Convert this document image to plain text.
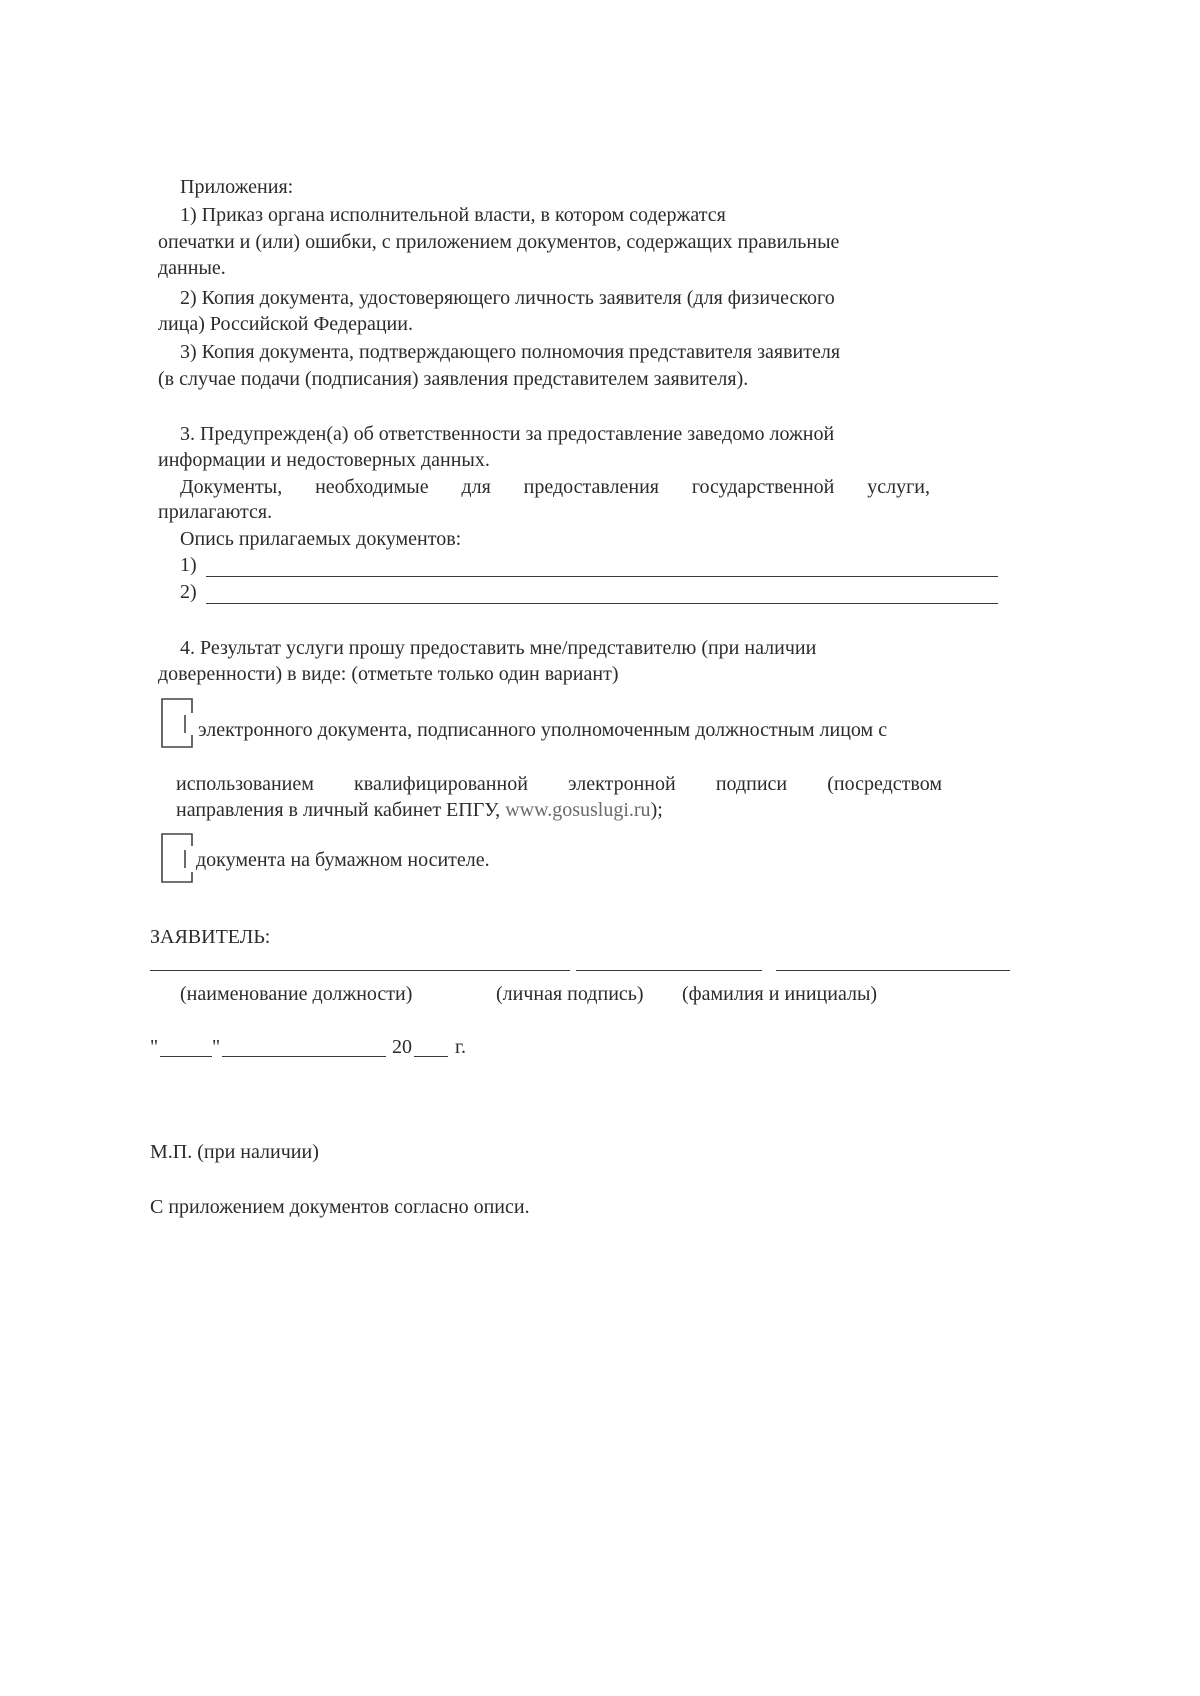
Приложения:
1) Приказ органа исполнительной власти, в котором содержатся
опечатки и (или) ошибки, с приложением документов, содержащих правильные
данные.
2) Копия документа, удостоверяющего личность заявителя (для физического
лица) Российской Федерации.
3) Копия документа, подтверждающего полномочия представителя заявителя
(в случае подачи (подписания) заявления представителем заявителя).
3. Предупрежден(а) об ответственности за предоставление заведомо ложной
информации и недостоверных данных.
Документы, необходимые для предоставления государственной услуги,
прилагаются.
Опись прилагаемых документов:
1)
2)
4. Результат услуги прошу предоставить мне/представителю (при наличии
доверенности) в виде: (отметьте только один вариант)
электронного документа, подписанного уполномоченным должностным лицом с
использованием квалифицированной электронной подписи (посредством
направления в личный кабинет ЕПГУ, www.gosuslugi.ru);
документа на бумажном носителе.
ЗАЯВИТЕЛЬ:
(наименование должности)	(личная подпись) (фамилия и инициалы)
"	"	20 г.
М.П. (при наличии)
С приложением документов согласно описи.
